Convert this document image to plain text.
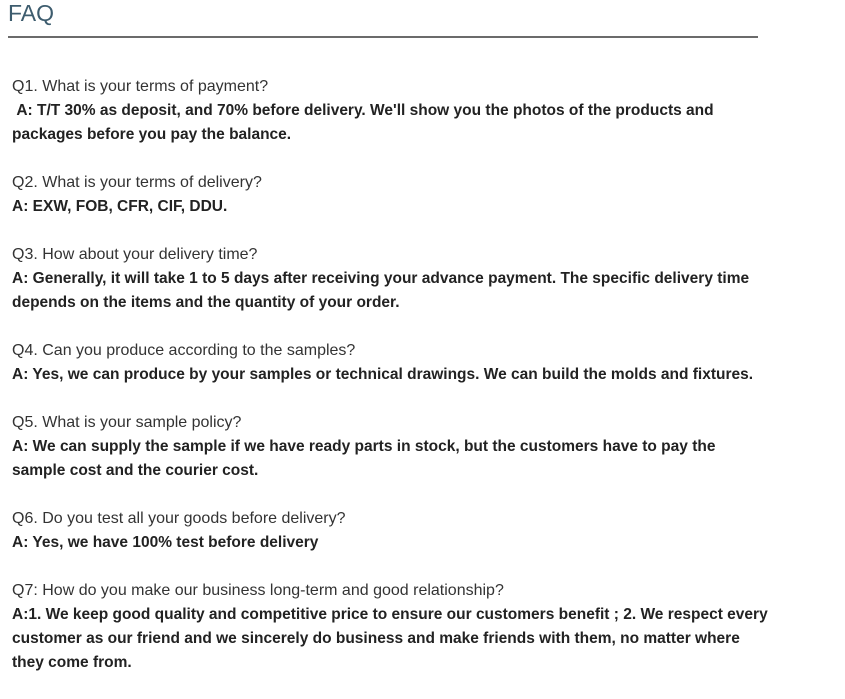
FAQ
Q1. What is your terms of payment?
A: T/T 30% as deposit, and 70% before delivery. We'll show you the photos of the products and packages before you pay the balance.
Q2. What is your terms of delivery?
A: EXW, FOB, CFR, CIF, DDU.
Q3. How about your delivery time?
A: Generally, it will take 1 to 5 days after receiving your advance payment. The specific delivery time depends on the items and the quantity of your order.
Q4. Can you produce according to the samples?
A: Yes, we can produce by your samples or technical drawings. We can build the molds and fixtures.
Q5. What is your sample policy?
A: We can supply the sample if we have ready parts in stock, but the customers have to pay the sample cost and the courier cost.
Q6. Do you test all your goods before delivery?
A: Yes, we have 100% test before delivery
Q7: How do you make our business long-term and good relationship?
A:1. We keep good quality and competitive price to ensure our customers benefit ; 2. We respect every customer as our friend and we sincerely do business and make friends with them, no matter where they come from.
